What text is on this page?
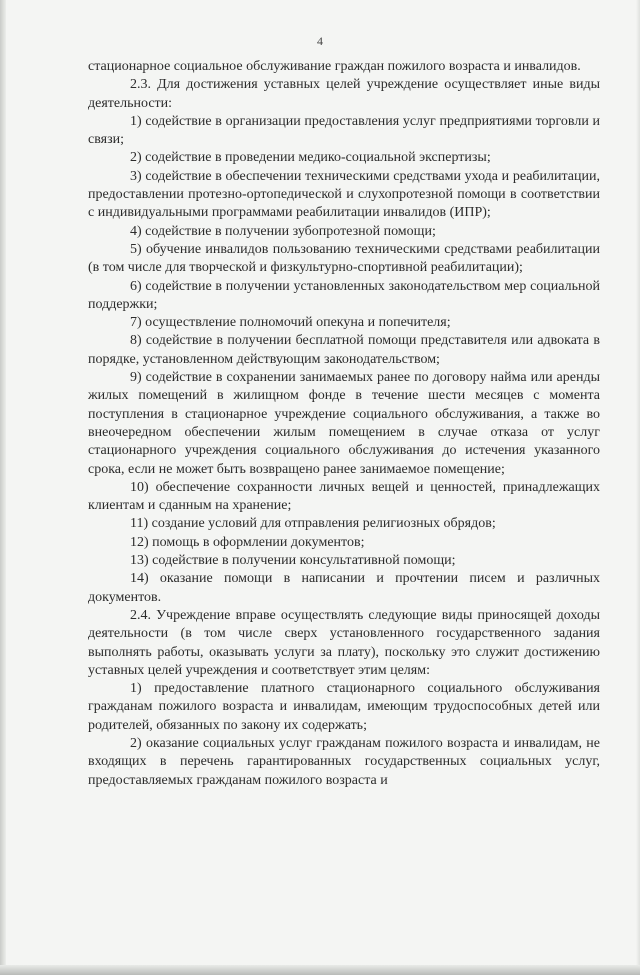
4

стационарное социальное обслуживание граждан пожилого возраста и инвалидов.

2.3. Для достижения уставных целей учреждение осуществляет иные виды деятельности:

1) содействие в организации предоставления услуг предприятиями торговли и связи;

2) содействие в проведении медико-социальной экспертизы;

3) содействие в обеспечении техническими средствами ухода и реабилитации, предоставлении протезно-ортопедической и слухопротезной помощи в соответствии с индивидуальными программами реабилитации инвалидов (ИПР);

4) содействие в получении зубопротезной помощи;

5) обучение инвалидов пользованию техническими средствами реабилитации (в том числе для творческой и физкультурно-спортивной реабилитации);

6) содействие в получении установленных законодательством мер социальной поддержки;

7) осуществление полномочий опекуна и попечителя;

8) содействие в получении бесплатной помощи представителя или адвоката в порядке, установленном действующим законодательством;

9) содействие в сохранении занимаемых ранее по договору найма или аренды жилых помещений в жилищном фонде в течение шести месяцев с момента поступления в стационарное учреждение социального обслуживания, а также во внеочередном обеспечении жилым помещением в случае отказа от услуг стационарного учреждения социального обслуживания до истечения указанного срока, если не может быть возвращено ранее занимаемое помещение;

10) обеспечение сохранности личных вещей и ценностей, принадлежащих клиентам и сданным на хранение;

11) создание условий для отправления религиозных обрядов;

12) помощь в оформлении документов;

13) содействие в получении консультативной помощи;

14) оказание помощи в написании и прочтении писем и различных документов.

2.4. Учреждение вправе осуществлять следующие виды приносящей доходы деятельности (в том числе сверх установленного государственного задания выполнять работы, оказывать услуги за плату), поскольку это служит достижению уставных целей учреждения и соответствует этим целям:

1) предоставление платного стационарного социального обслуживания гражданам пожилого возраста и инвалидам, имеющим трудоспособных детей или родителей, обязанных по закону их содержать;

2) оказание социальных услуг гражданам пожилого возраста и инвалидам, не входящих в перечень гарантированных государственных социальных услуг, предоставляемых гражданам пожилого возраста и
